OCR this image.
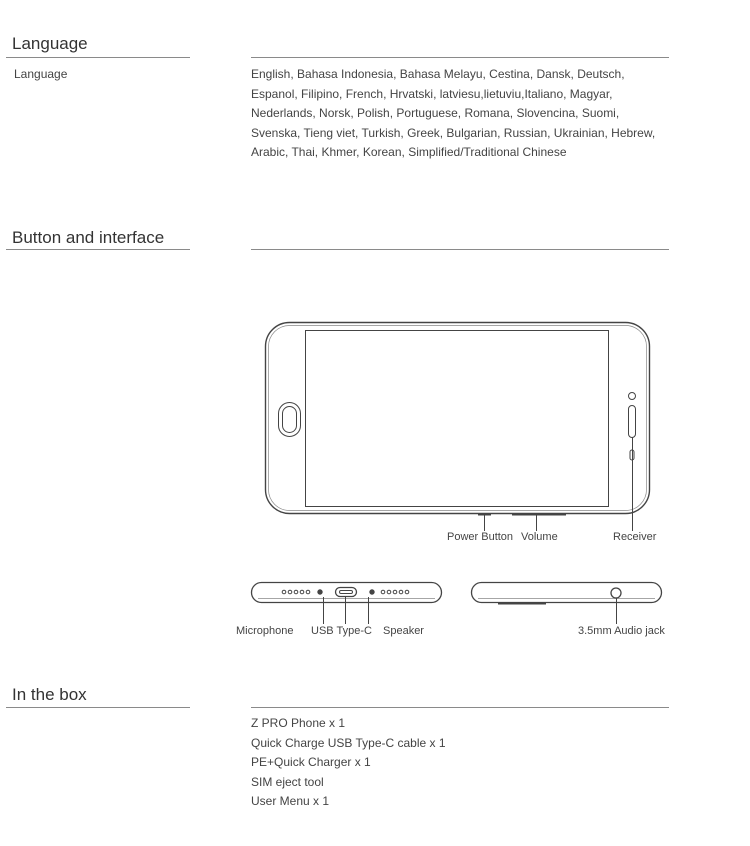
Language
Language	English, Bahasa Indonesia, Bahasa Melayu, Cestina, Dansk, Deutsch, Espanol, Filipino, French, Hrvatski, latviesu,lietuviu,Italiano, Magyar, Nederlands, Norsk, Polish, Portuguese, Romana, Slovencina, Suomi, Svenska, Tieng viet, Turkish, Greek, Bulgarian, Russian, Ukrainian, Hebrew, Arabic, Thai, Khmer, Korean, Simplified/Traditional Chinese

Button and interface
Power Button Volume	Receiver
Microphone USB Type-C Speaker	3.5mm Audio jack
In the box
Z PRO Phone x 1
Quick Charge USB Type-C cable x 1
PE+Quick Charger x 1
SIM eject tool
User Menu x 1
